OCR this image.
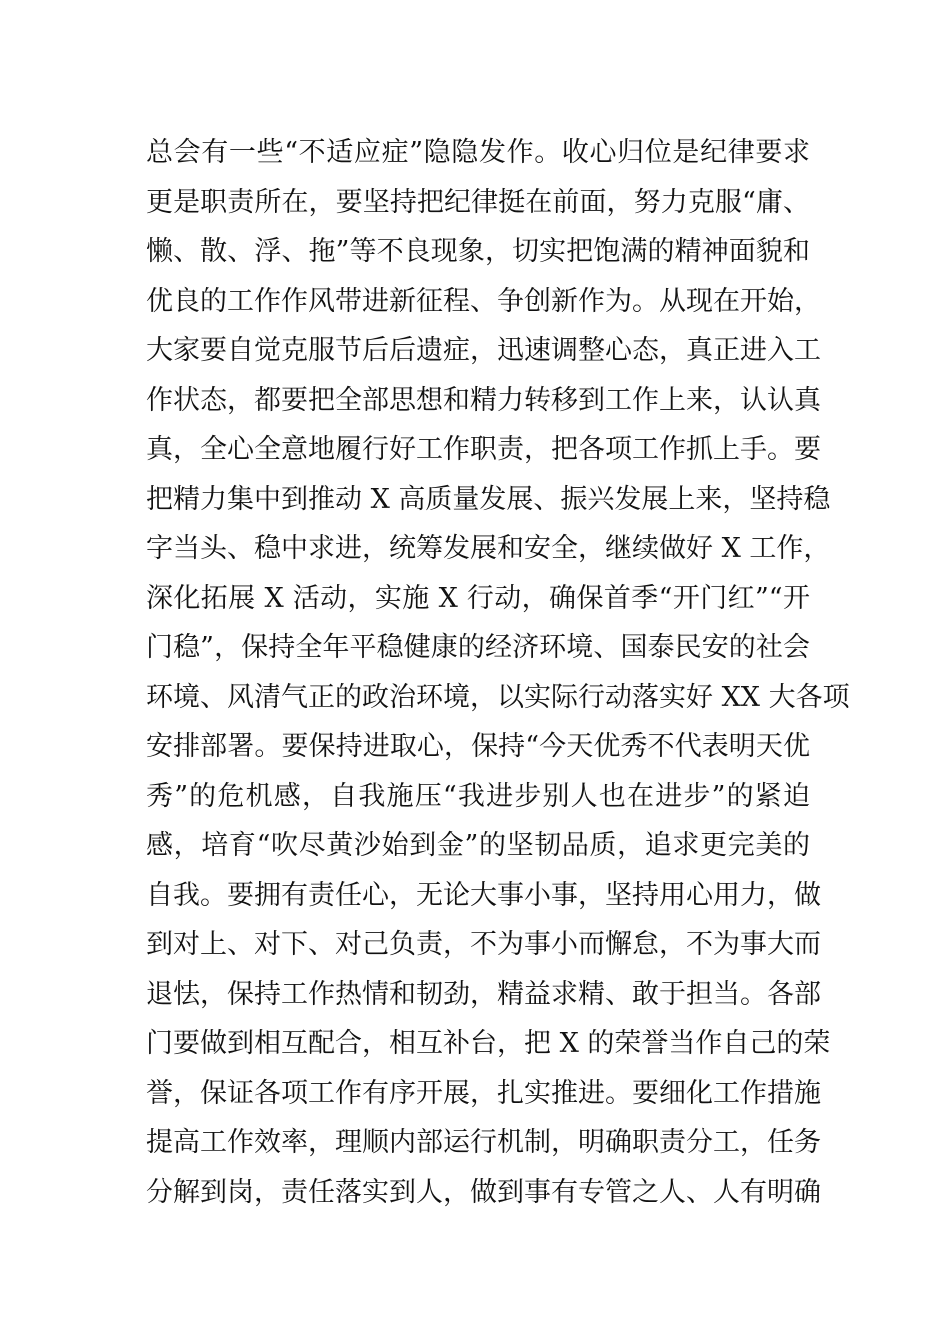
总会有一些“不适应症”隐隐发作。收心归位是纪律要求
更是职责所在，要坚持把纪律挺在前面，努力克服“庸、
懒、散、浮、拖”等不良现象，切实把饱满的精神面貌和
优良的工作作风带进新征程、争创新作为。从现在开始，
大家要自觉克服节后后遗症，迅速调整心态，真正进入工
作状态，都要把全部思想和精力转移到工作上来，认认真
真，全心全意地履行好工作职责，把各项工作抓上手。要
把精力集中到推动 X 高质量发展、振兴发展上来，坚持稳
字当头、稳中求进，统筹发展和安全，继续做好 X 工作，
深化拓展 X 活动，实施 X 行动，确保首季“开门红”“开
门稳”，保持全年平稳健康的经济环境、国泰民安的社会
环境、风清气正的政治环境，以实际行动落实好 XX 大各项
安排部署。要保持进取心，保持“今天优秀不代表明天优
秀”的危机感，自我施压“我进步别人也在进步”的紧迫
感，培育“吹尽黄沙始到金”的坚韧品质，追求更完美的
自我。要拥有责任心，无论大事小事，坚持用心用力，做
到对上、对下、对己负责，不为事小而懈怠，不为事大而
退怯，保持工作热情和韧劲，精益求精、敢于担当。各部
门要做到相互配合，相互补台，把 X 的荣誉当作自己的荣
誉，保证各项工作有序开展，扎实推进。要细化工作措施
提高工作效率，理顺内部运行机制，明确职责分工，任务
分解到岗，责任落实到人，做到事有专管之人、人有明确
